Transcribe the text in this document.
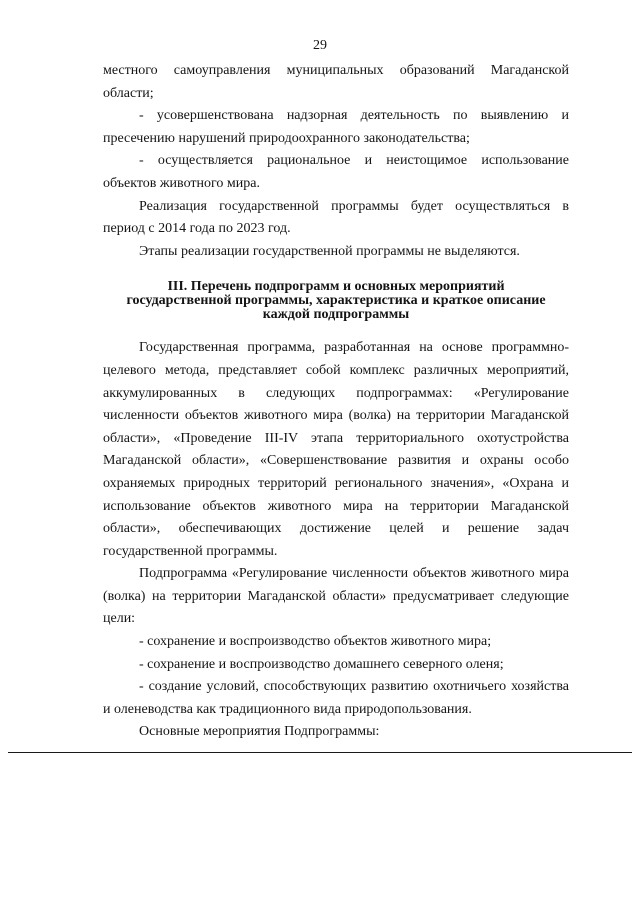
29

местного самоуправления муниципальных образований Магаданской области;

- усовершенствована надзорная деятельность по выявлению и пресечению нарушений природоохранного законодательства;

- осуществляется рациональное и неистощимое использование объектов животного мира.

Реализация государственной программы будет осуществляться в период с 2014 года по 2023 год.

Этапы реализации государственной программы не выделяются.

III. Перечень подпрограмм и основных мероприятий
государственной программы, характеристика и краткое описание
каждой подпрограммы

Государственная программа, разработанная на основе программно-целевого метода, представляет собой комплекс различных мероприятий, аккумулированных в следующих подпрограммах: «Регулирование численности объектов животного мира (волка) на территории Магаданской области», «Проведение III-IV этапа территориального охотустройства Магаданской области», «Совершенствование развития и охраны особо охраняемых природных территорий регионального значения», «Охрана и использование объектов животного мира на территории Магаданской области», обеспечивающих достижение целей и решение задач государственной программы.

Подпрограмма «Регулирование численности объектов животного мира (волка) на территории Магаданской области» предусматривает следующие цели:

- сохранение и воспроизводство объектов животного мира;

- сохранение и воспроизводство домашнего северного оленя;

- создание условий, способствующих развитию охотничьего хозяйства и оленеводства как традиционного вида природопользования.

Основные мероприятия Подпрограммы:
